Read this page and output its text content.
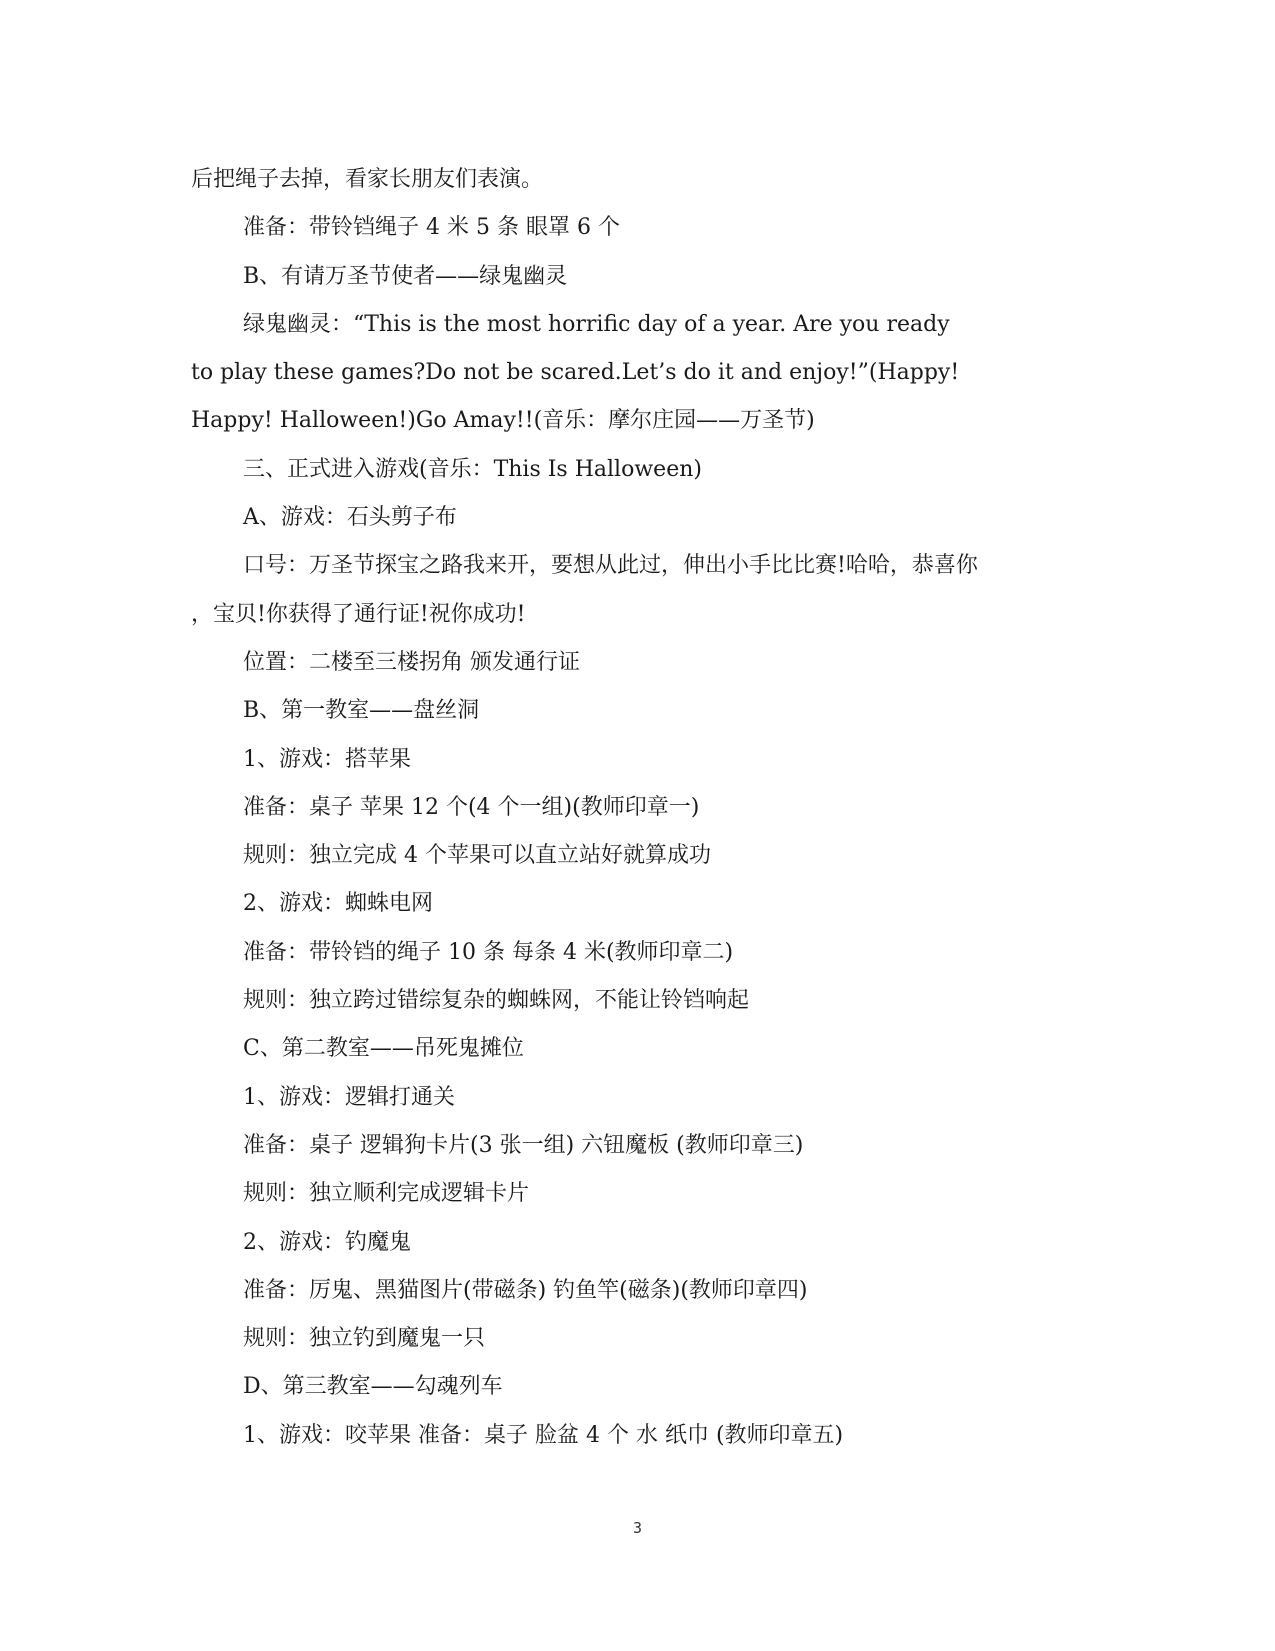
后把绳子去掉，看家长朋友们表演。
准备：带铃铛绳子 4 米 5 条 眼罩 6 个
B、有请万圣节使者——绿鬼幽灵
绿鬼幽灵：“This is the most horrific day of a year. Are you ready
to play these games?Do not be scared.Let’s do it and enjoy!”(Happy!
Happy! Halloween!)Go Amay!!(音乐：摩尔庄园——万圣节)
三、正式进入游戏(音乐：This Is Halloween)
A、游戏：石头剪子布
口号：万圣节探宝之路我来开，要想从此过，伸出小手比比赛!哈哈，恭喜你
，宝贝!你获得了通行证!祝你成功!
位置：二楼至三楼拐角 颁发通行证
B、第一教室——盘丝洞
1、游戏：搭苹果
准备：桌子 苹果 12 个(4 个一组)(教师印章一)
规则：独立完成 4 个苹果可以直立站好就算成功
2、游戏：蜘蛛电网
准备：带铃铛的绳子 10 条 每条 4 米(教师印章二)
规则：独立跨过错综复杂的蜘蛛网，不能让铃铛响起
C、第二教室——吊死鬼摊位
1、游戏：逻辑打通关
准备：桌子 逻辑狗卡片(3 张一组) 六钮魔板 (教师印章三)
规则：独立顺利完成逻辑卡片
2、游戏：钓魔鬼
准备：厉鬼、黑猫图片(带磁条) 钓鱼竿(磁条)(教师印章四)
规则：独立钓到魔鬼一只
D、第三教室——勾魂列车
1、游戏：咬苹果 准备：桌子 脸盆 4 个 水 纸巾 (教师印章五)
3
